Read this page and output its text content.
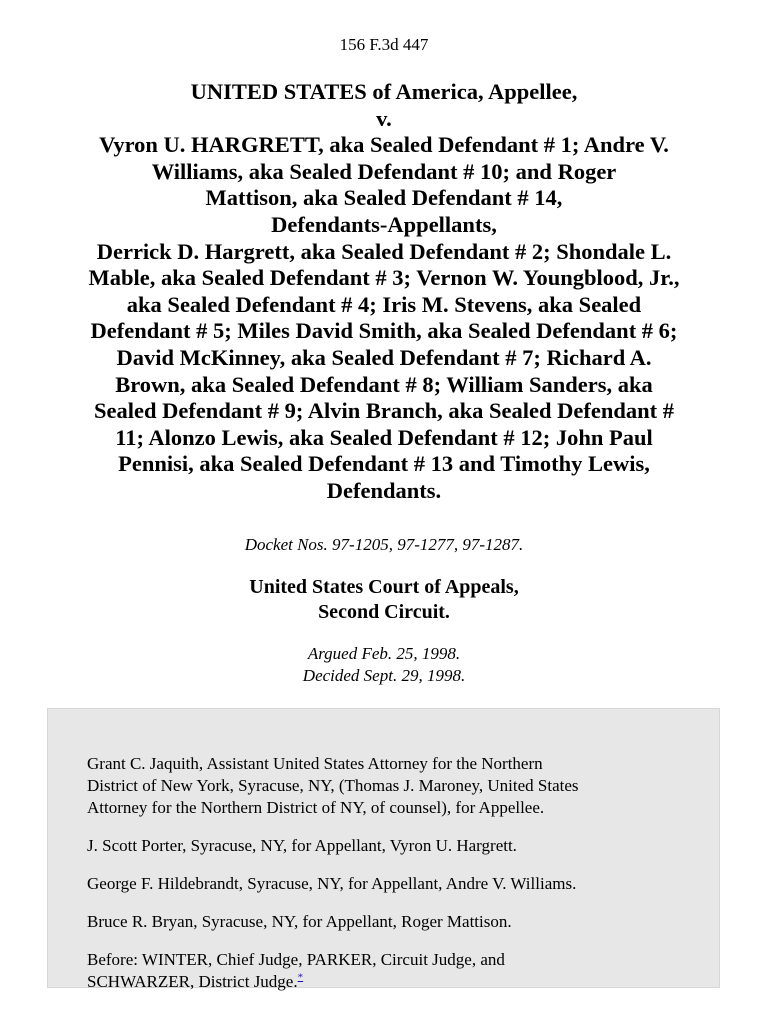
156 F.3d 447
UNITED STATES of America, Appellee,
v.
Vyron U. HARGRETT, aka Sealed Defendant # 1; Andre V.
Williams, aka Sealed Defendant # 10; and Roger
Mattison, aka Sealed Defendant # 14,
Defendants-Appellants,
Derrick D. Hargrett, aka Sealed Defendant # 2; Shondale L.
Mable, aka Sealed Defendant # 3; Vernon W. Youngblood, Jr.,
aka Sealed Defendant # 4; Iris M. Stevens, aka Sealed
Defendant # 5; Miles David Smith, aka Sealed Defendant # 6;
David McKinney, aka Sealed Defendant # 7; Richard A.
Brown, aka Sealed Defendant # 8; William Sanders, aka
Sealed Defendant # 9; Alvin Branch, aka Sealed Defendant #
11; Alonzo Lewis, aka Sealed Defendant # 12; John Paul
Pennisi, aka Sealed Defendant # 13 and Timothy Lewis,
Defendants.
Docket Nos. 97-1205, 97-1277, 97-1287.
United States Court of Appeals,
Second Circuit.
Argued Feb. 25, 1998.
Decided Sept. 29, 1998.

Grant C. Jaquith, Assistant United States Attorney for the Northern
District of New York, Syracuse, NY, (Thomas J. Maroney, United States
Attorney for the Northern District of NY, of counsel), for Appellee.

J. Scott Porter, Syracuse, NY, for Appellant, Vyron U. Hargrett.

George F. Hildebrandt, Syracuse, NY, for Appellant, Andre V. Williams.

Bruce R. Bryan, Syracuse, NY, for Appellant, Roger Mattison.

Before: WINTER, Chief Judge, PARKER, Circuit Judge, and
SCHWARZER, District Judge.*
